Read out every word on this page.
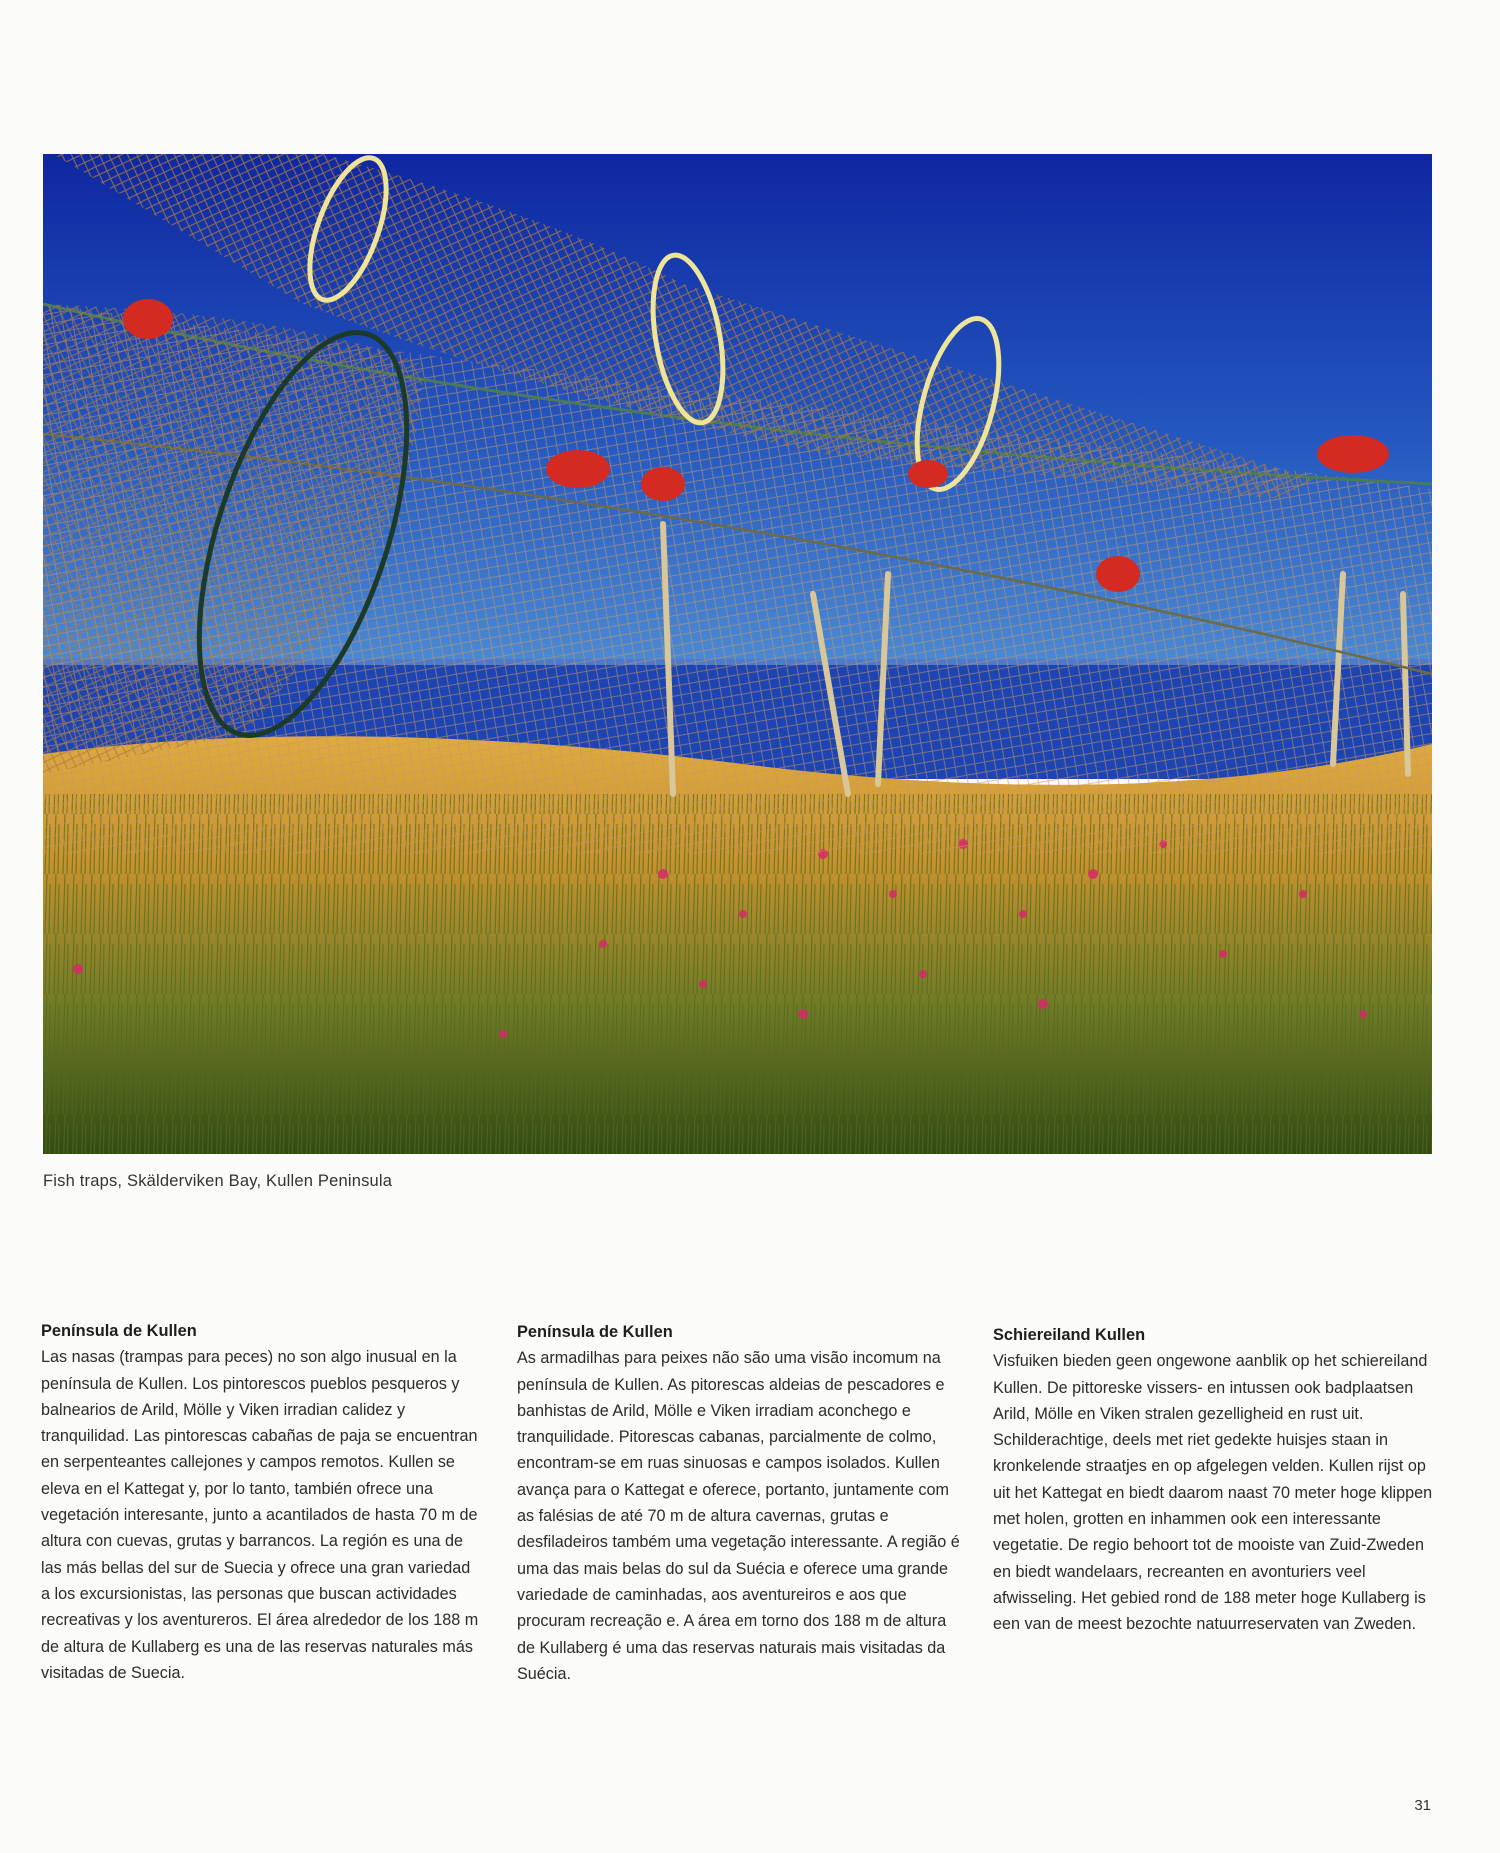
Fish traps, Skälderviken Bay, Kullen Peninsula
Península de Kullen

Las nasas (trampas para peces) no son algo inusual en la península de Kullen. Los pintorescos pueblos pesqueros y balnearios de Arild, Mölle y Viken irradian calidez y tranquilidad. Las pintorescas cabañas de paja se encuentran en serpenteantes callejones y campos remotos. Kullen se eleva en el Kattegat y, por lo tanto, también ofrece una vegetación interesante, junto a acantilados de hasta 70 m de altura con cuevas, grutas y barrancos. La región es una de las más bellas del sur de Suecia y ofrece una gran variedad a los excursionistas, las personas que buscan actividades recreativas y los aventureros. El área alrededor de los 188 m de altura de Kullaberg es una de las reservas naturales más visitadas de Suecia.

Península de Kullen

As armadilhas para peixes não são uma visão incomum na península de Kullen. As pitorescas aldeias de pescadores e banhistas de Arild, Mölle e Viken irradiam aconchego e tranquilidade. Pitorescas cabanas, parcialmente de colmo, encontram-se em ruas sinuosas e campos isolados. Kullen avança para o Kattegat e oferece, portanto, juntamente com as falésias de até 70 m de altura cavernas, grutas e desfiladeiros também uma vegetação interessante. A região é uma das mais belas do sul da Suécia e oferece uma grande variedade de caminhadas, aos aventureiros e aos que procuram recreação e. A área em torno dos 188 m de altura de Kullaberg é uma das reservas naturais mais visitadas da Suécia.

Schiereiland Kullen

Visfuiken bieden geen ongewone aanblik op het schiereiland Kullen. De pittoreske vissers- en intussen ook badplaatsen Arild, Mölle en Viken stralen gezelligheid en rust uit. Schilderachtige, deels met riet gedekte huisjes staan in kronkelende straatjes en op afgelegen velden. Kullen rijst op uit het Kattegat en biedt daarom naast 70 meter hoge klippen met holen, grotten en inhammen ook een interessante vegetatie. De regio behoort tot de mooiste van Zuid-Zweden en biedt wandelaars, recreanten en avonturiers veel afwisseling. Het gebied rond de 188 meter hoge Kullaberg is een van de meest bezochte natuurreservaten van Zweden.

31
